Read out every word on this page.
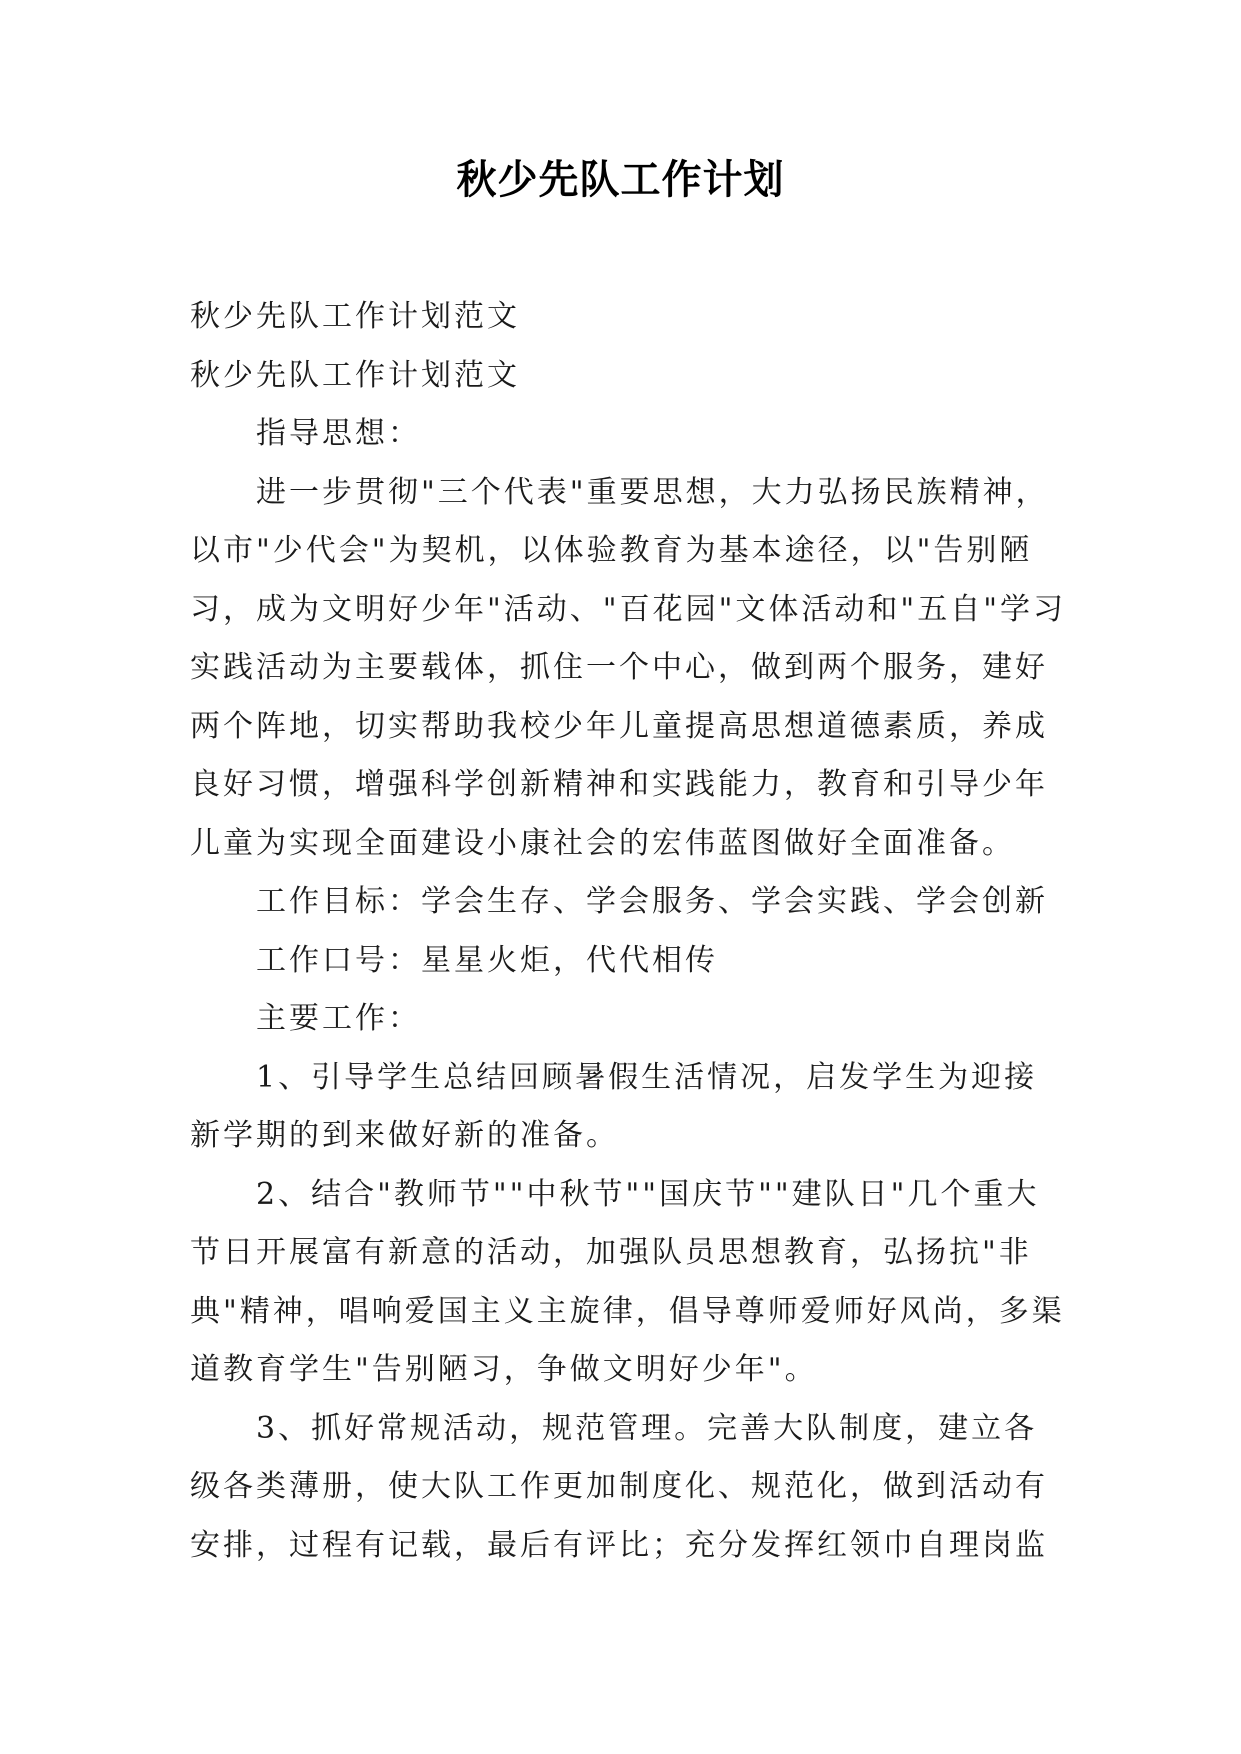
秋少先队工作计划

秋少先队工作计划范文

秋少先队工作计划范文

指导思想：

进一步贯彻"三个代表"重要思想，大力弘扬民族精神，以市"少代会"为契机，以体验教育为基本途径，以"告别陋习，成为文明好少年"活动、"百花园"文体活动和"五自"学习实践活动为主要载体，抓住一个中心，做到两个服务，建好两个阵地，切实帮助我校少年儿童提高思想道德素质，养成良好习惯，增强科学创新精神和实践能力，教育和引导少年儿童为实现全面建设小康社会的宏伟蓝图做好全面准备。

工作目标：学会生存、学会服务、学会实践、学会创新

工作口号：星星火炬，代代相传

主要工作：

1、引导学生总结回顾暑假生活情况，启发学生为迎接新学期的到来做好新的准备。

2、结合"教师节""中秋节""国庆节""建队日"几个重大节日开展富有新意的活动，加强队员思想教育，弘扬抗"非典"精神，唱响爱国主义主旋律，倡导尊师爱师好风尚，多渠道教育学生"告别陋习，争做文明好少年"。

3、抓好常规活动，规范管理。完善大队制度，建立各级各类薄册，使大队工作更加制度化、规范化，做到活动有安排，过程有记载，最后有评比；充分发挥红领巾自理岗监
